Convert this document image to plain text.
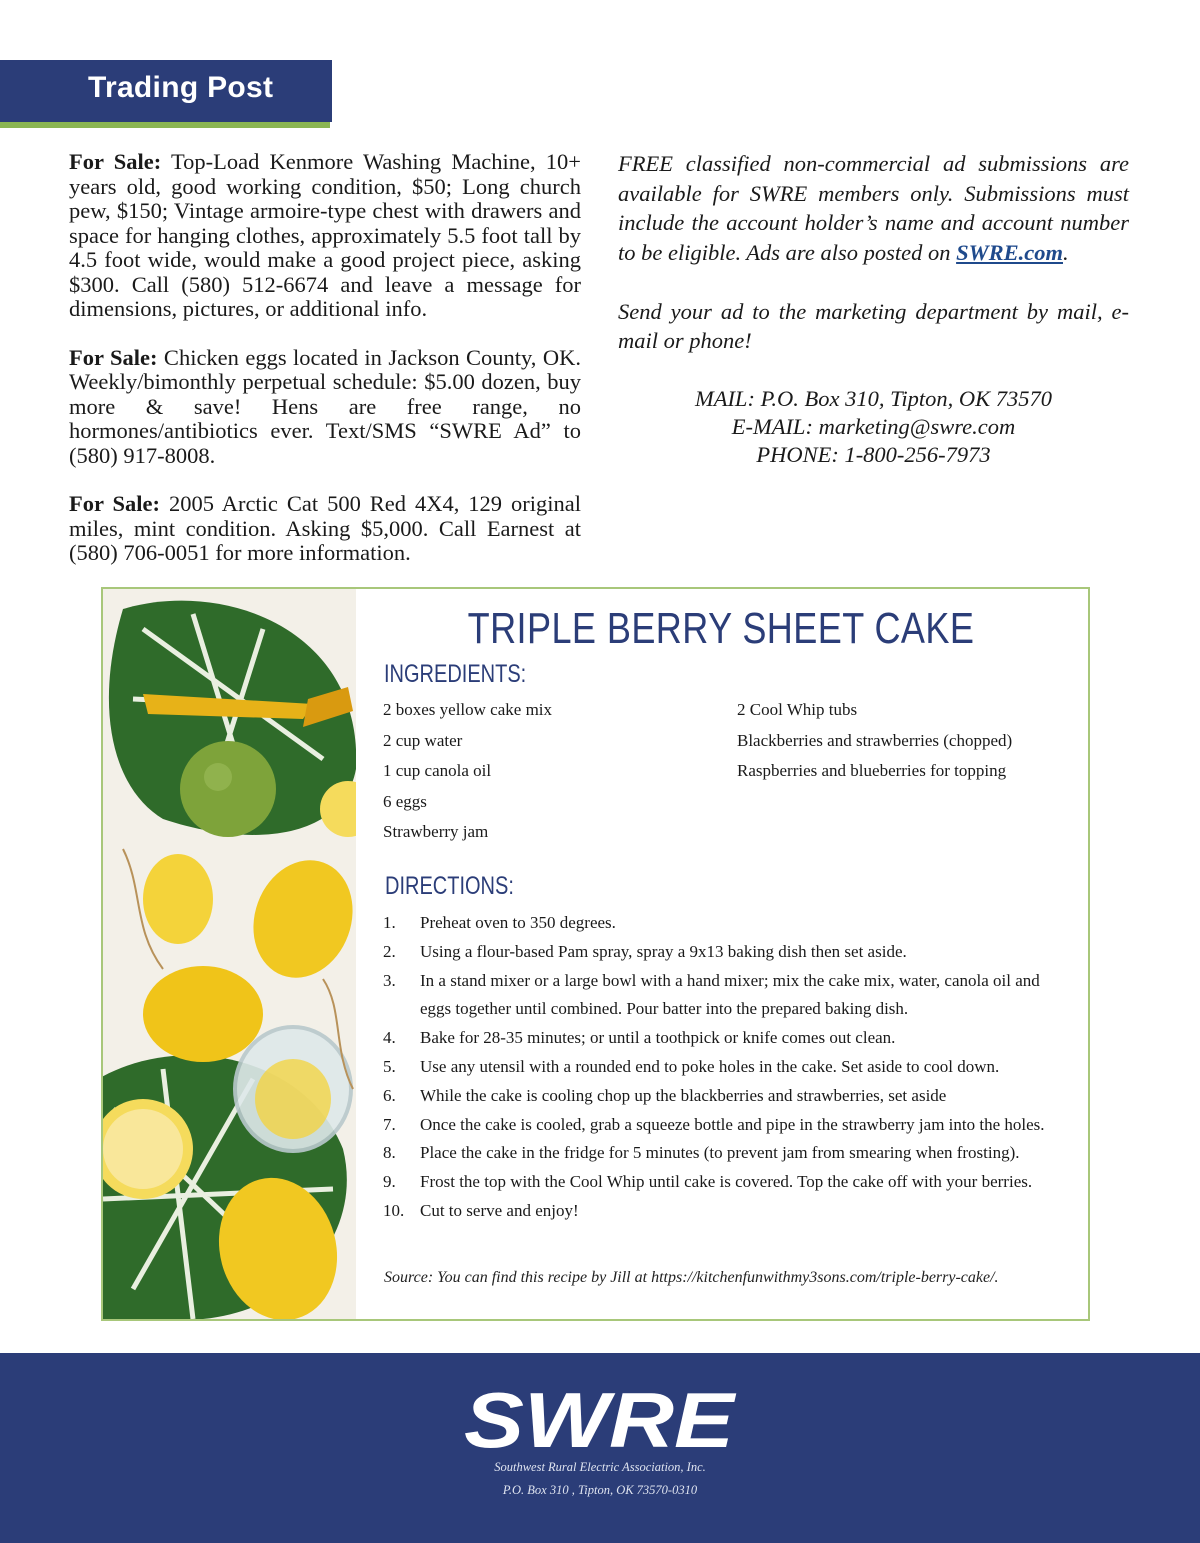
Trading Post

For Sale: Top-Load Kenmore Washing Machine, 10+ years old, good working condition, $50; Long church pew, $150; Vintage armoire-type chest with drawers and space for hanging clothes, approximately 5.5 foot tall by 4.5 foot wide, would make a good project piece, asking $300. Call (580) 512-6674 and leave a message for dimensions, pictures, or additional info.

For Sale: Chicken eggs located in Jackson County, OK. Weekly/bimonthly perpetual schedule: $5.00 dozen, buy more & save! Hens are free range, no hormones/antibiotics ever. Text/SMS “SWRE Ad” to (580) 917-8008.

For Sale: 2005 Arctic Cat 500 Red 4X4, 129 original miles, mint condition. Asking $5,000. Call Earnest at (580) 706-0051 for more information.

FREE classified non-commercial ad submissions are available for SWRE members only. Submissions must include the account holder’s name and account number to be eligible. Ads are also posted on SWRE.com.

Send your ad to the marketing department by mail, e-mail or phone!

MAIL: P.O. Box 310, Tipton, OK 73570
E-MAIL: marketing@swre.com
PHONE: 1-800-256-7973
TRIPLE BERRY SHEET CAKE
INGREDIENTS:
2 boxes yellow cake mix
2 cup water
1 cup canola oil
6 eggs
Strawberry jam
2 Cool Whip tubs
Blackberries and strawberries (chopped)
Raspberries and blueberries for topping
DIRECTIONS:
1.	Preheat oven to 350 degrees.
2.	Using a flour-based Pam spray, spray a 9x13 baking dish then set aside.
3.	In a stand mixer or a large bowl with a hand mixer; mix the cake mix, water, canola oil and eggs together until combined. Pour batter into the prepared baking dish.
4.	Bake for 28-35 minutes; or until a toothpick or knife comes out clean.
5.	Use any utensil with a rounded end to poke holes in the cake. Set aside to cool down.
6.	While the cake is cooling chop up the blackberries and strawberries, set aside
7.	Once the cake is cooled, grab a squeeze bottle and pipe in the strawberry jam into the holes.
8.	Place the cake in the fridge for 5 minutes (to prevent jam from smearing when frosting).
9.	Frost the top with the Cool Whip until cake is covered. Top the cake off with your berries.
10. Cut to serve and enjoy!
Source: You can find this recipe by Jill at https://kitchenfunwithmy3sons.com/triple-berry-cake/.
SWRE
Southwest Rural Electric Association, Inc.
P.O. Box 310 , Tipton, OK 73570-0310
